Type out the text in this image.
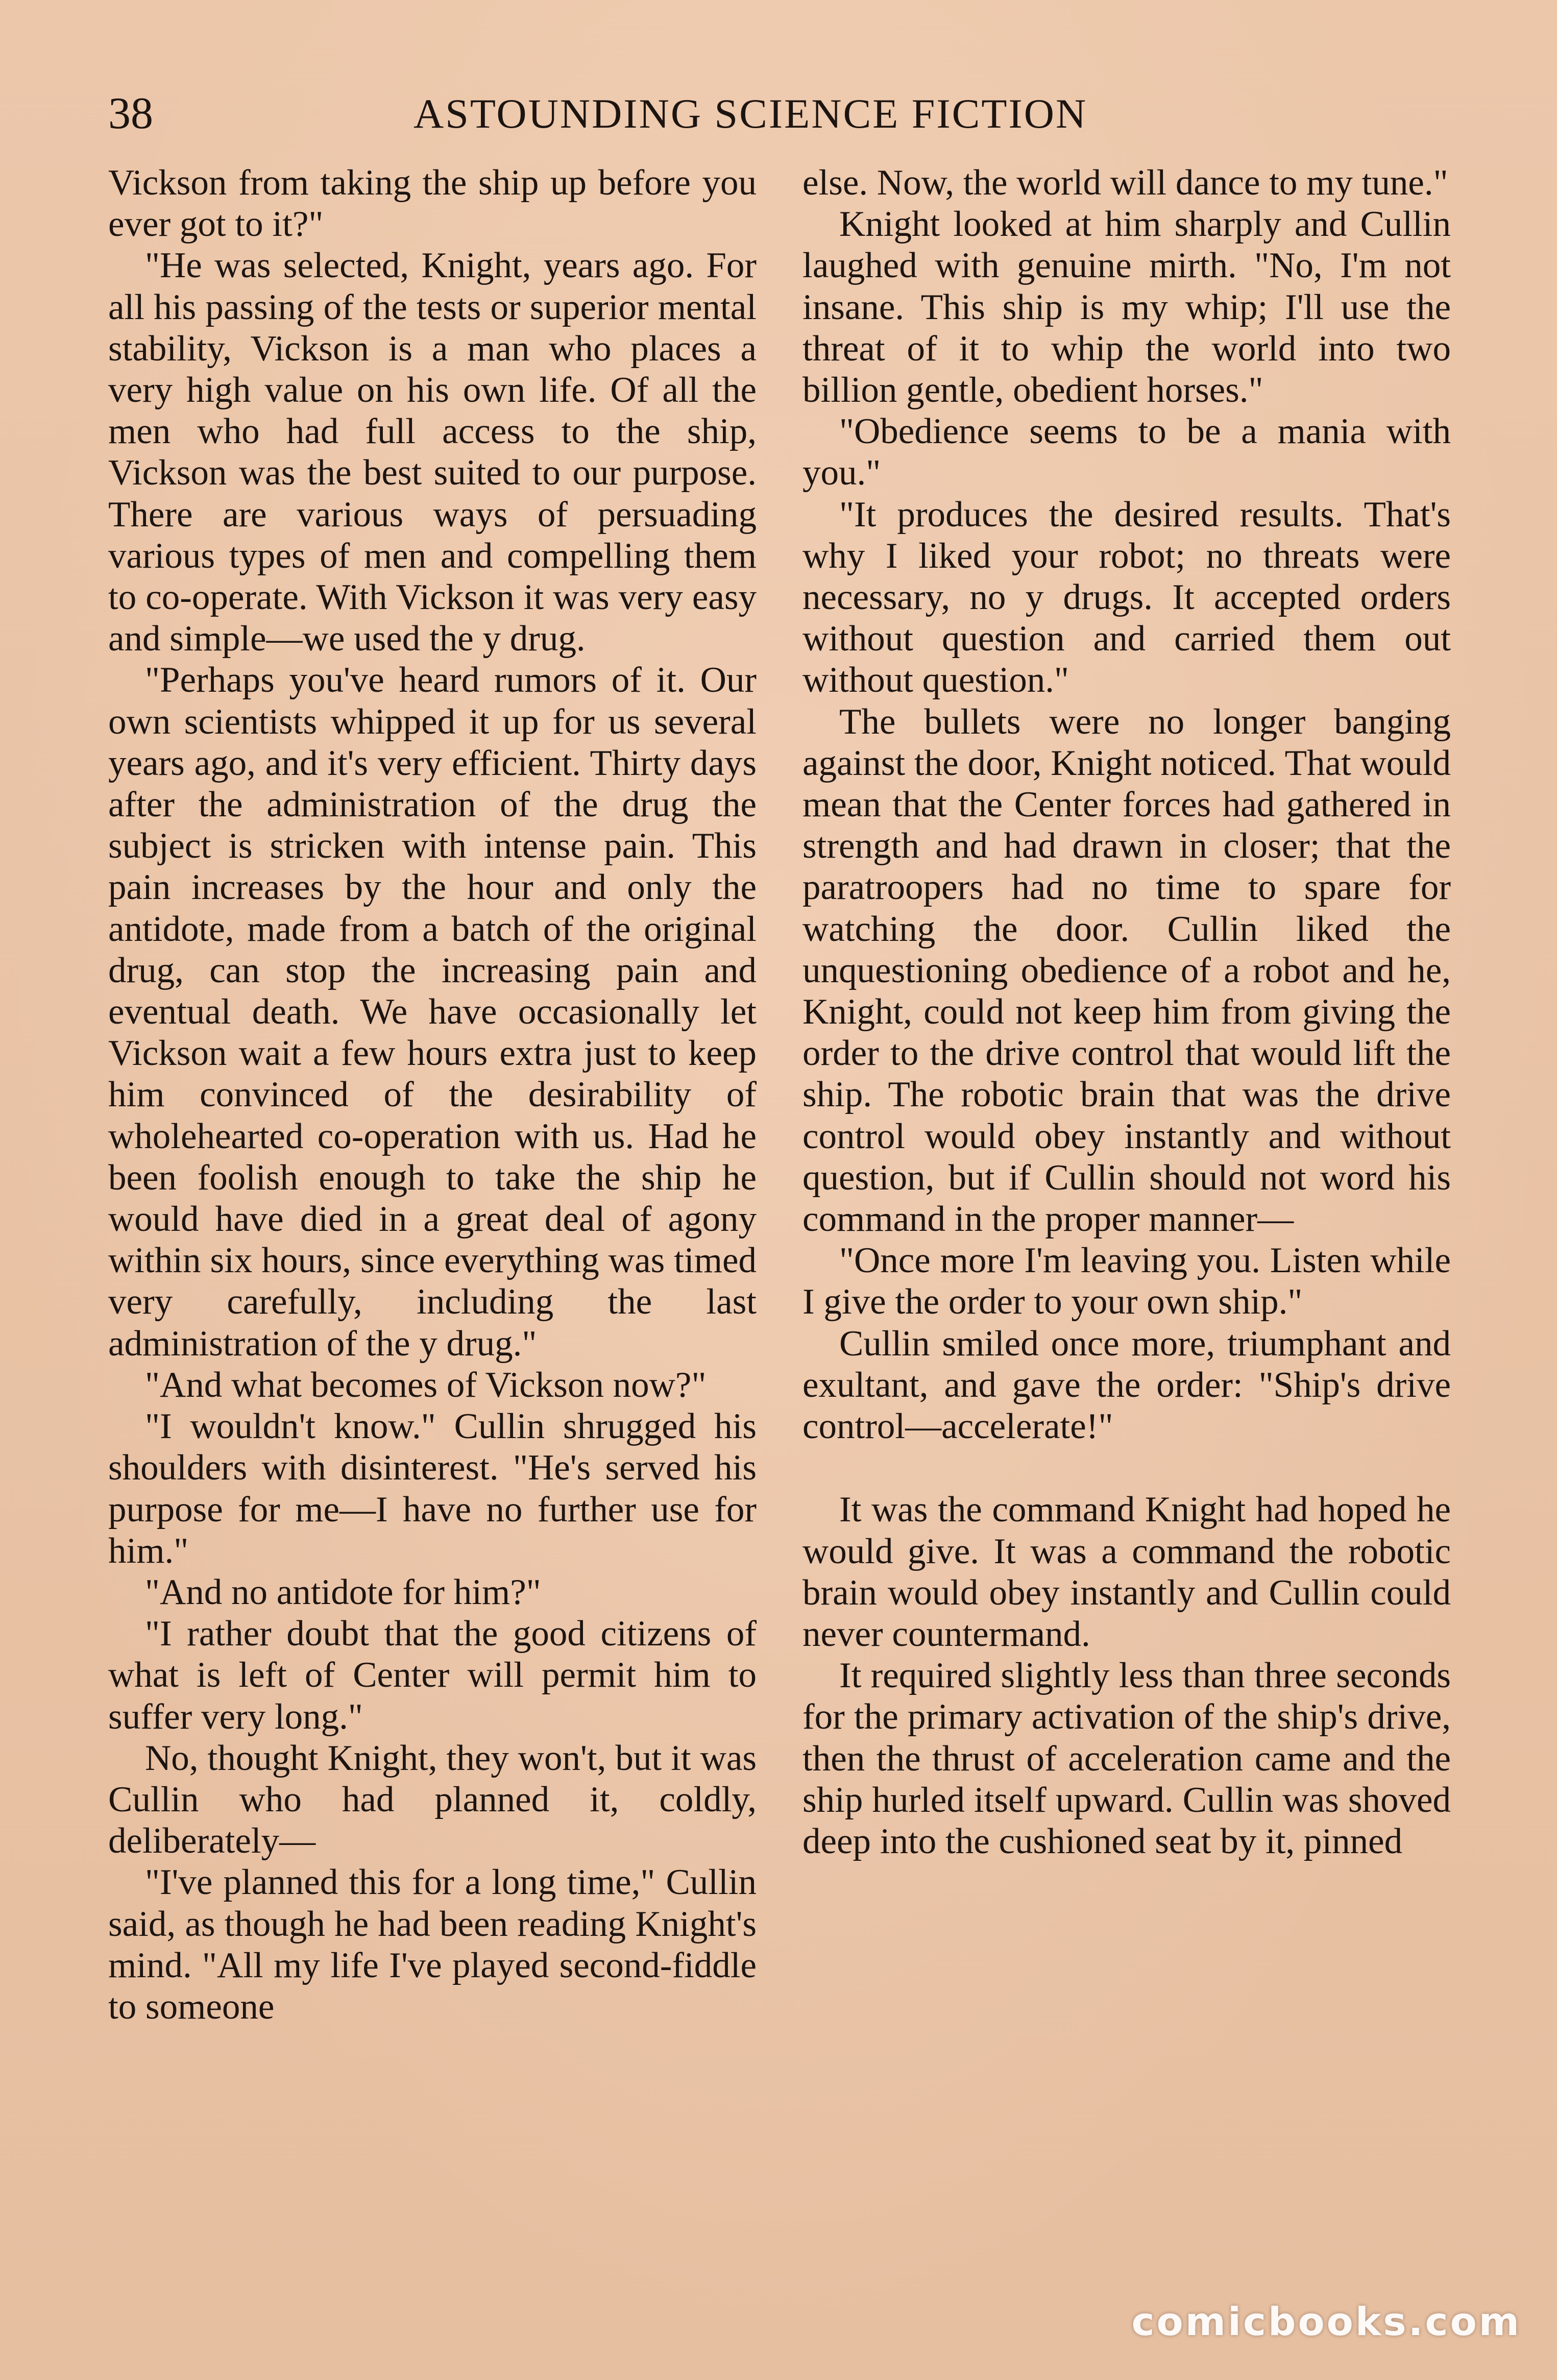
38	ASTOUNDING SCIENCE FICTION

Vickson from taking the ship up before you ever got to it?"

"He was selected, Knight, years ago. For all his passing of the tests or superior mental stability, Vickson is a man who places a very high value on his own life. Of all the men who had full access to the ship, Vickson was the best suited to our purpose. There are various ways of persuading various types of men and compelling them to co-operate. With Vickson it was very easy and simple—we used the y drug.

"Perhaps you've heard rumors of it. Our own scientists whipped it up for us several years ago, and it's very efficient. Thirty days after the administration of the drug the subject is stricken with intense pain. This pain increases by the hour and only the antidote, made from a batch of the original drug, can stop the increasing pain and eventual death. We have occasionally let Vickson wait a few hours extra just to keep him convinced of the desirability of wholehearted co-operation with us. Had he been foolish enough to take the ship he would have died in a great deal of agony within six hours, since everything was timed very carefully, including the last administration of the y drug."

"And what becomes of Vickson now?"

"I wouldn't know." Cullin shrugged his shoulders with disinterest. "He's served his purpose for me—I have no further use for him."

"And no antidote for him?"

"I rather doubt that the good citizens of what is left of Center will permit him to suffer very long."

No, thought Knight, they won't, but it was Cullin who had planned it, coldly, deliberately—

"I've planned this for a long time," Cullin said, as though he had been reading Knight's mind. "All my life I've played second-fiddle to someone

else. Now, the world will dance to my tune."

Knight looked at him sharply and Cullin laughed with genuine mirth. "No, I'm not insane. This ship is my whip; I'll use the threat of it to whip the world into two billion gentle, obedient horses."

"Obedience seems to be a mania with you."

"It produces the desired results. That's why I liked your robot; no threats were necessary, no y drugs. It accepted orders without question and carried them out without question."

The bullets were no longer banging against the door, Knight noticed. That would mean that the Center forces had gathered in strength and had drawn in closer; that the paratroopers had no time to spare for watching the door. Cullin liked the unquestioning obedience of a robot and he, Knight, could not keep him from giving the order to the drive control that would lift the ship. The robotic brain that was the drive control would obey instantly and without question, but if Cullin should not word his command in the proper manner—

"Once more I'm leaving you. Listen while I give the order to your own ship."

Cullin smiled once more, triumphant and exultant, and gave the order: "Ship's drive control—accelerate!"

It was the command Knight had hoped he would give. It was a command the robotic brain would obey instantly and Cullin could never countermand.

It required slightly less than three seconds for the primary activation of the ship's drive, then the thrust of acceleration came and the ship hurled itself upward. Cullin was shoved deep into the cushioned seat by it, pinned

comicbooks.com
